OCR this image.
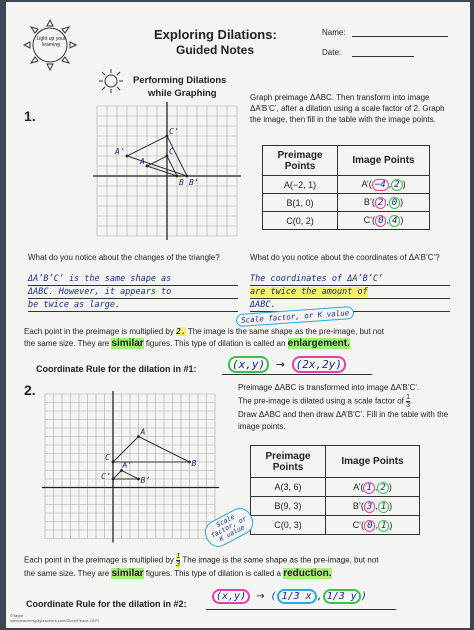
Light up your learning
Exploring Dilations:
Guided Notes
Name:
Date:
Performing Dilations
while Graphing
1.
A
B
C
A’
B’
C’
Graph preimage ΔABC. Then transform into image ΔA’B’C’, after a dilation using a scale factor of 2. Graph the image, then fill in the table with the image points.
Preimage Points	Image Points
A(−2, 1)	A’( −4 , 2 )
B(1, 0)	B’( 2 , 0 )
C(0, 2)	C’( 0 , 4 )
What do you notice about the changes of the triangle?	What do you notice about the coordinates of ΔA’B’C’?
ΔA’B’C’ is the same shape as
ΔABC. However, it appears to
be twice as large.
The coordinates of ΔA’B’C’
are twice the amount of
ΔABC.
Scale factor, or K value
Each point in the preimage is multiplied by 2. The image is the same shape as the pre-image, but not
the same size. They are similar figures. This type of dilation is called an enlargement.
Coordinate Rule for the dilation in #1:	(x,y) → (2x,2y)
2.
A
B
C
A’
B’
C’
Preimage ΔABC is transformed into image ΔA’B’C’.
The pre-image is dilated using a scale factor of $\frac{1}{3}$ .
Draw ΔABC and then draw ΔA’B’C’. Fill in the table with the image points.
Preimage Points	Image Points
A(3, 6)	A’( 1 , 2 )
B(9, 3)	B’( 3 , 1 )
C(0, 3)	C’( 0 , 1 )
Scale factor, or K value
Each point in the preimage is multiplied by $\frac{1}{3}$ The image is the same shape as the pre-image, but not
the same size. They are similar figures. This type of dilation is called a reduction.
Coordinate Rule for the dilation in #2:
(x,y) → ( 1/3 x , 1/3 y )
©Taylor
www.teacherspayteachers.com/Store/Peace-Of-Pi
